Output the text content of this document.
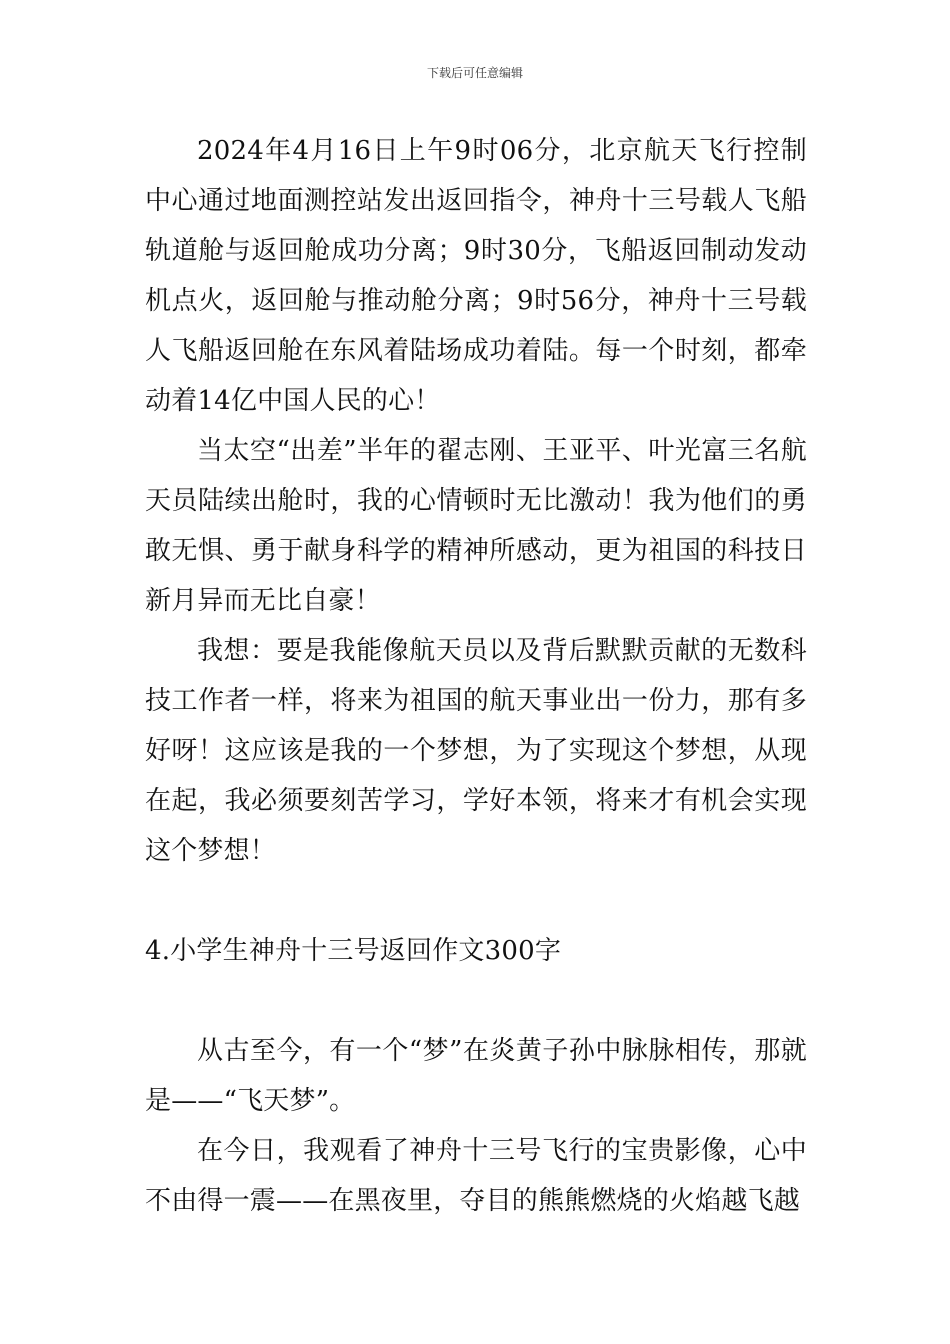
下载后可任意编辑

2024年4月16日上午9时06分，北京航天飞行控制中心通过地面测控站发出返回指令，神舟十三号载人飞船轨道舱与返回舱成功分离；9时30分，飞船返回制动发动机点火，返回舱与推动舱分离；9时56分，神舟十三号载人飞船返回舱在东风着陆场成功着陆。每一个时刻，都牵动着14亿中国人民的心！

当太空“出差”半年的翟志刚、王亚平、叶光富三名航天员陆续出舱时，我的心情顿时无比激动！我为他们的勇敢无惧、勇于献身科学的精神所感动，更为祖国的科技日新月异而无比自豪！

我想：要是我能像航天员以及背后默默贡献的无数科技工作者一样，将来为祖国的航天事业出一份力，那有多好呀！这应该是我的一个梦想，为了实现这个梦想，从现在起，我必须要刻苦学习，学好本领，将来才有机会实现这个梦想！

4.小学生神舟十三号返回作文300字

从古至今，有一个“梦”在炎黄子孙中脉脉相传，那就是——“飞天梦”。

在今日，我观看了神舟十三号飞行的宝贵影像，心中不由得一震——在黑夜里，夺目的熊熊燃烧的火焰越飞越
